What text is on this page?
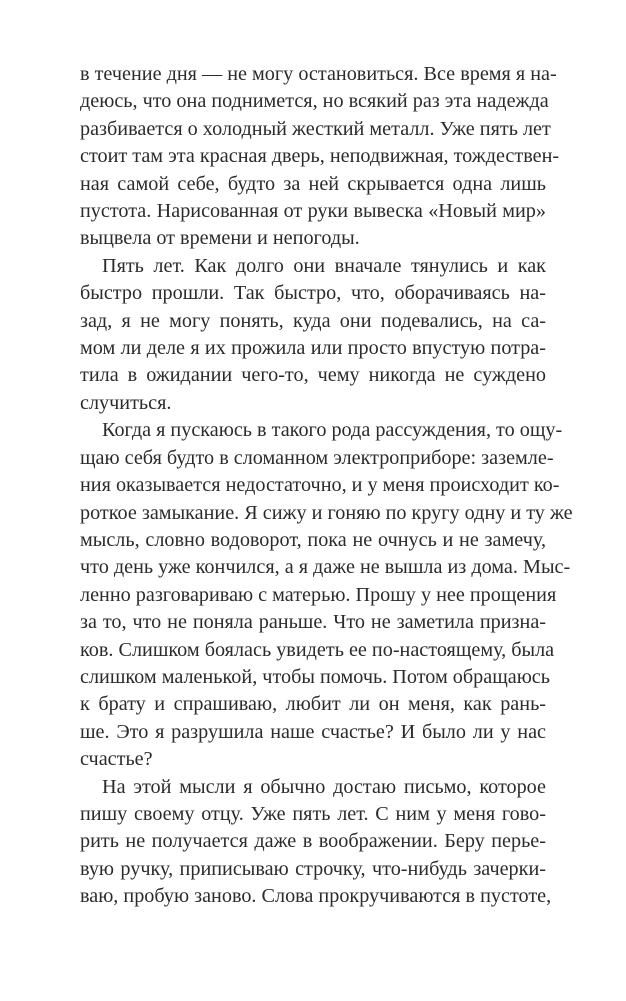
в течение дня — не могу остановиться. Все время я на-
деюсь, что она поднимется, но всякий раз эта надежда
разбивается о холодный жесткий металл. Уже пять лет
стоит там эта красная дверь, неподвижная, тождествен-
ная самой себе, будто за ней скрывается одна лишь
пустота. Нарисованная от руки вывеска «Новый мир»
выцвела от времени и непогоды.
Пять лет. Как долго они вначале тянулись и как
быстро прошли. Так быстро, что, оборачиваясь на-
зад, я не могу понять, куда они подевались, на са-
мом ли деле я их прожила или просто впустую потра-
тила в ожидании чего-то, чему никогда не суждено
случиться.
Когда я пускаюсь в такого рода рассуждения, то ощу-
щаю себя будто в сломанном электроприборе: заземле-
ния оказывается недостаточно, и у меня происходит ко-
роткое замыкание. Я сижу и гоняю по кругу одну и ту же
мысль, словно водоворот, пока не очнусь и не замечу,
что день уже кончился, а я даже не вышла из дома. Мыс-
ленно разговариваю с матерью. Прошу у нее прощения
за то, что не поняла раньше. Что не заметила призна-
ков. Слишком боялась увидеть ее по-настоящему, была
слишком маленькой, чтобы помочь. Потом обращаюсь
к брату и спрашиваю, любит ли он меня, как рань-
ше. Это я разрушила наше счастье? И было ли у нас
счастье?
На этой мысли я обычно достаю письмо, которое
пишу своему отцу. Уже пять лет. С ним у меня гово-
рить не получается даже в воображении. Беру перье-
вую ручку, приписываю строчку, что-нибудь зачерки-
ваю, пробую заново. Слова прокручиваются в пустоте,
